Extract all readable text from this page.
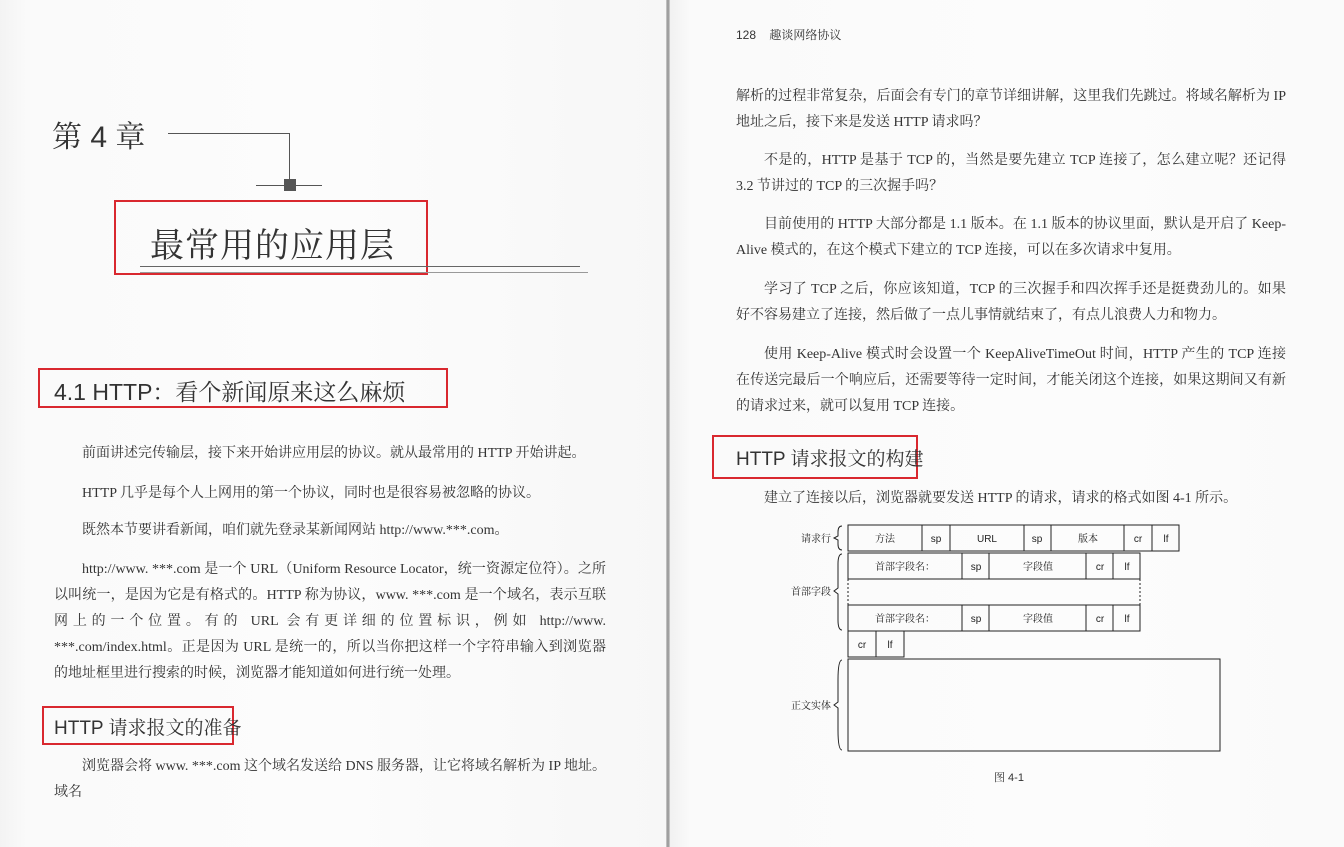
第 4 章
最常用的应用层
4.1 HTTP：看个新闻原来这么麻烦
前面讲述完传输层，接下来开始讲应用层的协议。就从最常用的 HTTP 开始讲起。
HTTP 几乎是每个人上网用的第一个协议，同时也是很容易被忽略的协议。
既然本节要讲看新闻，咱们就先登录某新闻网站 http://www.***.com。
http://www. ***.com 是一个 URL（Uniform Resource Locator，统一资源定位符）。之所以叫统一，是因为它是有格式的。HTTP 称为协议，www. ***.com 是一个域名，表示互联网上的一个位置。有的 URL 会有更详细的位置标识，例如 http://www. ***.com/index.html。正是因为 URL 是统一的，所以当你把这样一个字符串输入到浏览器的地址框里进行搜索的时候，浏览器才能知道如何进行统一处理。
HTTP 请求报文的准备
浏览器会将 www. ***.com 这个域名发送给 DNS 服务器，让它将域名解析为 IP 地址。域名
128 趣谈网络协议
解析的过程非常复杂，后面会有专门的章节详细讲解，这里我们先跳过。将域名解析为 IP 地址之后，接下来是发送 HTTP 请求吗？
不是的，HTTP 是基于 TCP 的，当然是要先建立 TCP 连接了，怎么建立呢？还记得 3.2 节讲过的 TCP 的三次握手吗？
目前使用的 HTTP 大部分都是 1.1 版本。在 1.1 版本的协议里面，默认是开启了 Keep-Alive 模式的，在这个模式下建立的 TCP 连接，可以在多次请求中复用。
学习了 TCP 之后，你应该知道，TCP 的三次握手和四次挥手还是挺费劲儿的。如果好不容易建立了连接，然后做了一点儿事情就结束了，有点儿浪费人力和物力。
使用 Keep-Alive 模式时会设置一个 KeepAliveTimeOut 时间，HTTP 产生的 TCP 连接在传送完最后一个响应后，还需要等待一定时间，才能关闭这个连接，如果这期间又有新的请求过来，就可以复用 TCP 连接。
HTTP 请求报文的构建
建立了连接以后，浏览器就要发送 HTTP 的请求，请求的格式如图 4-1 所示。
方法	sp	URL	sp	版本	cr lf
首部字段名：	sp	字段值	cr lf
首部字段名：	sp	字段值	cr lf
cr lf
请求行
首部字段
正文实体
图 4-1
